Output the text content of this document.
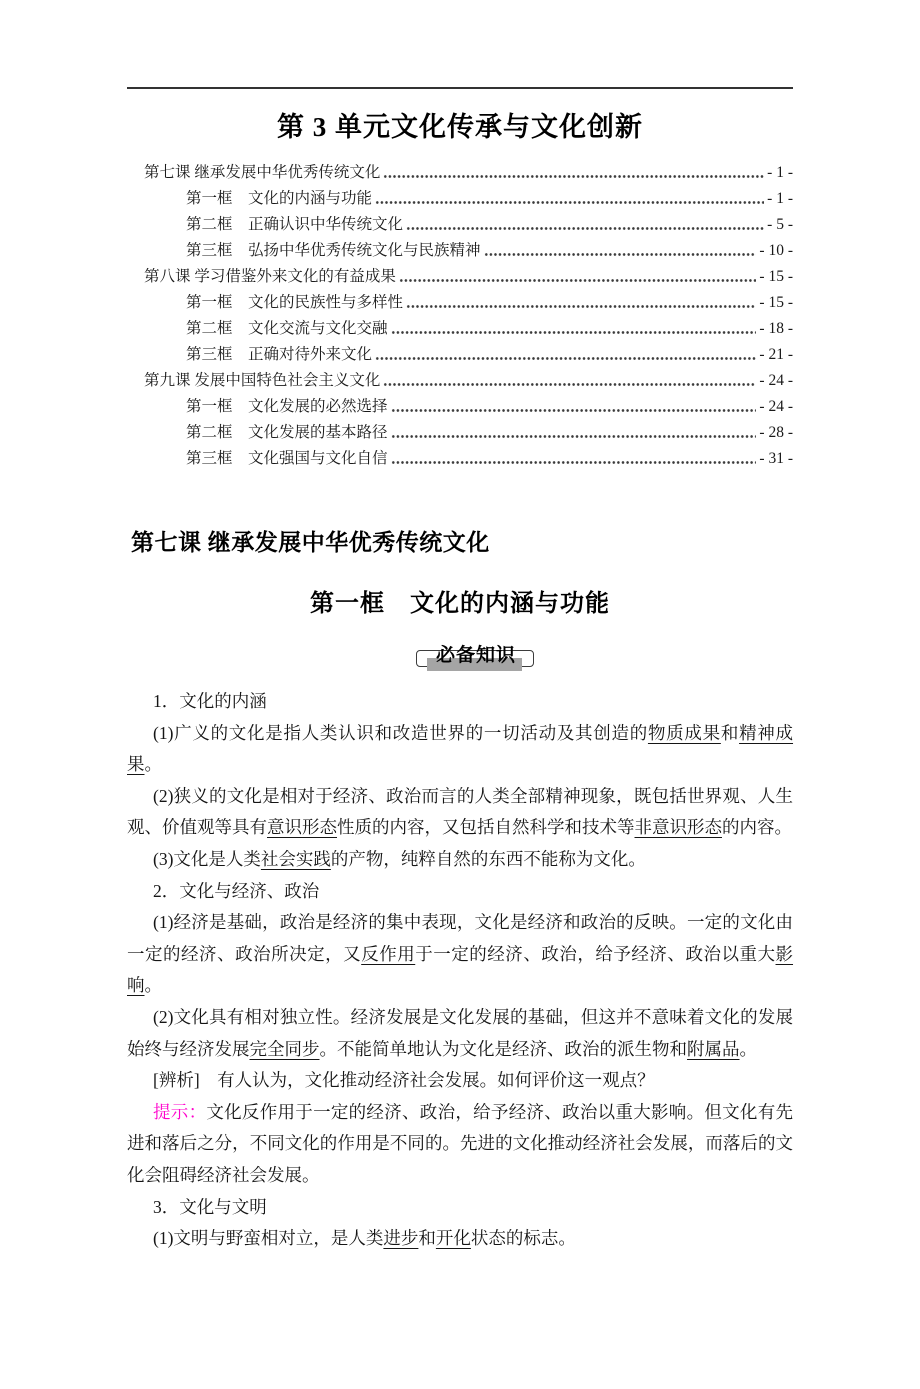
第 3 单元文化传承与文化创新
第七课 继承发展中华优秀传统文化	- 1 -
第一框　文化的内涵与功能	- 1 -
第二框　正确认识中华传统文化	- 5 -
第三框　弘扬中华优秀传统文化与民族精神	- 10 -
第八课 学习借鉴外来文化的有益成果	- 15 -
第一框　文化的民族性与多样性	- 15 -
第二框　文化交流与文化交融	- 18 -
第三框　正确对待外来文化	- 21 -
第九课 发展中国特色社会主义文化	- 24 -
第一框　文化发展的必然选择	- 24 -
第二框　文化发展的基本路径	- 28 -
第三框　文化强国与文化自信	- 31 -
第七课 继承发展中华优秀传统文化
第一框　文化的内涵与功能
必备知识

1．文化的内涵

(1)广义的文化是指人类认识和改造世界的一切活动及其创造的物质成果和精神成果。

(2)狭义的文化是相对于经济、政治而言的人类全部精神现象，既包括世界观、人生观、价值观等具有意识形态性质的内容，又包括自然科学和技术等非意识形态的内容。

(3)文化是人类社会实践的产物，纯粹自然的东西不能称为文化。

2．文化与经济、政治

(1)经济是基础，政治是经济的集中表现，文化是经济和政治的反映。一定的文化由一定的经济、政治所决定，又反作用于一定的经济、政治，给予经济、政治以重大影响。

(2)文化具有相对独立性。经济发展是文化发展的基础，但这并不意味着文化的发展始终与经济发展完全同步。不能简单地认为文化是经济、政治的派生物和附属品。

[辨析]　有人认为，文化推动经济社会发展。如何评价这一观点？

提示：文化反作用于一定的经济、政治，给予经济、政治以重大影响。但文化有先进和落后之分，不同文化的作用是不同的。先进的文化推动经济社会发展，而落后的文化会阻碍经济社会发展。

3．文化与文明

(1)文明与野蛮相对立，是人类进步和开化状态的标志。
